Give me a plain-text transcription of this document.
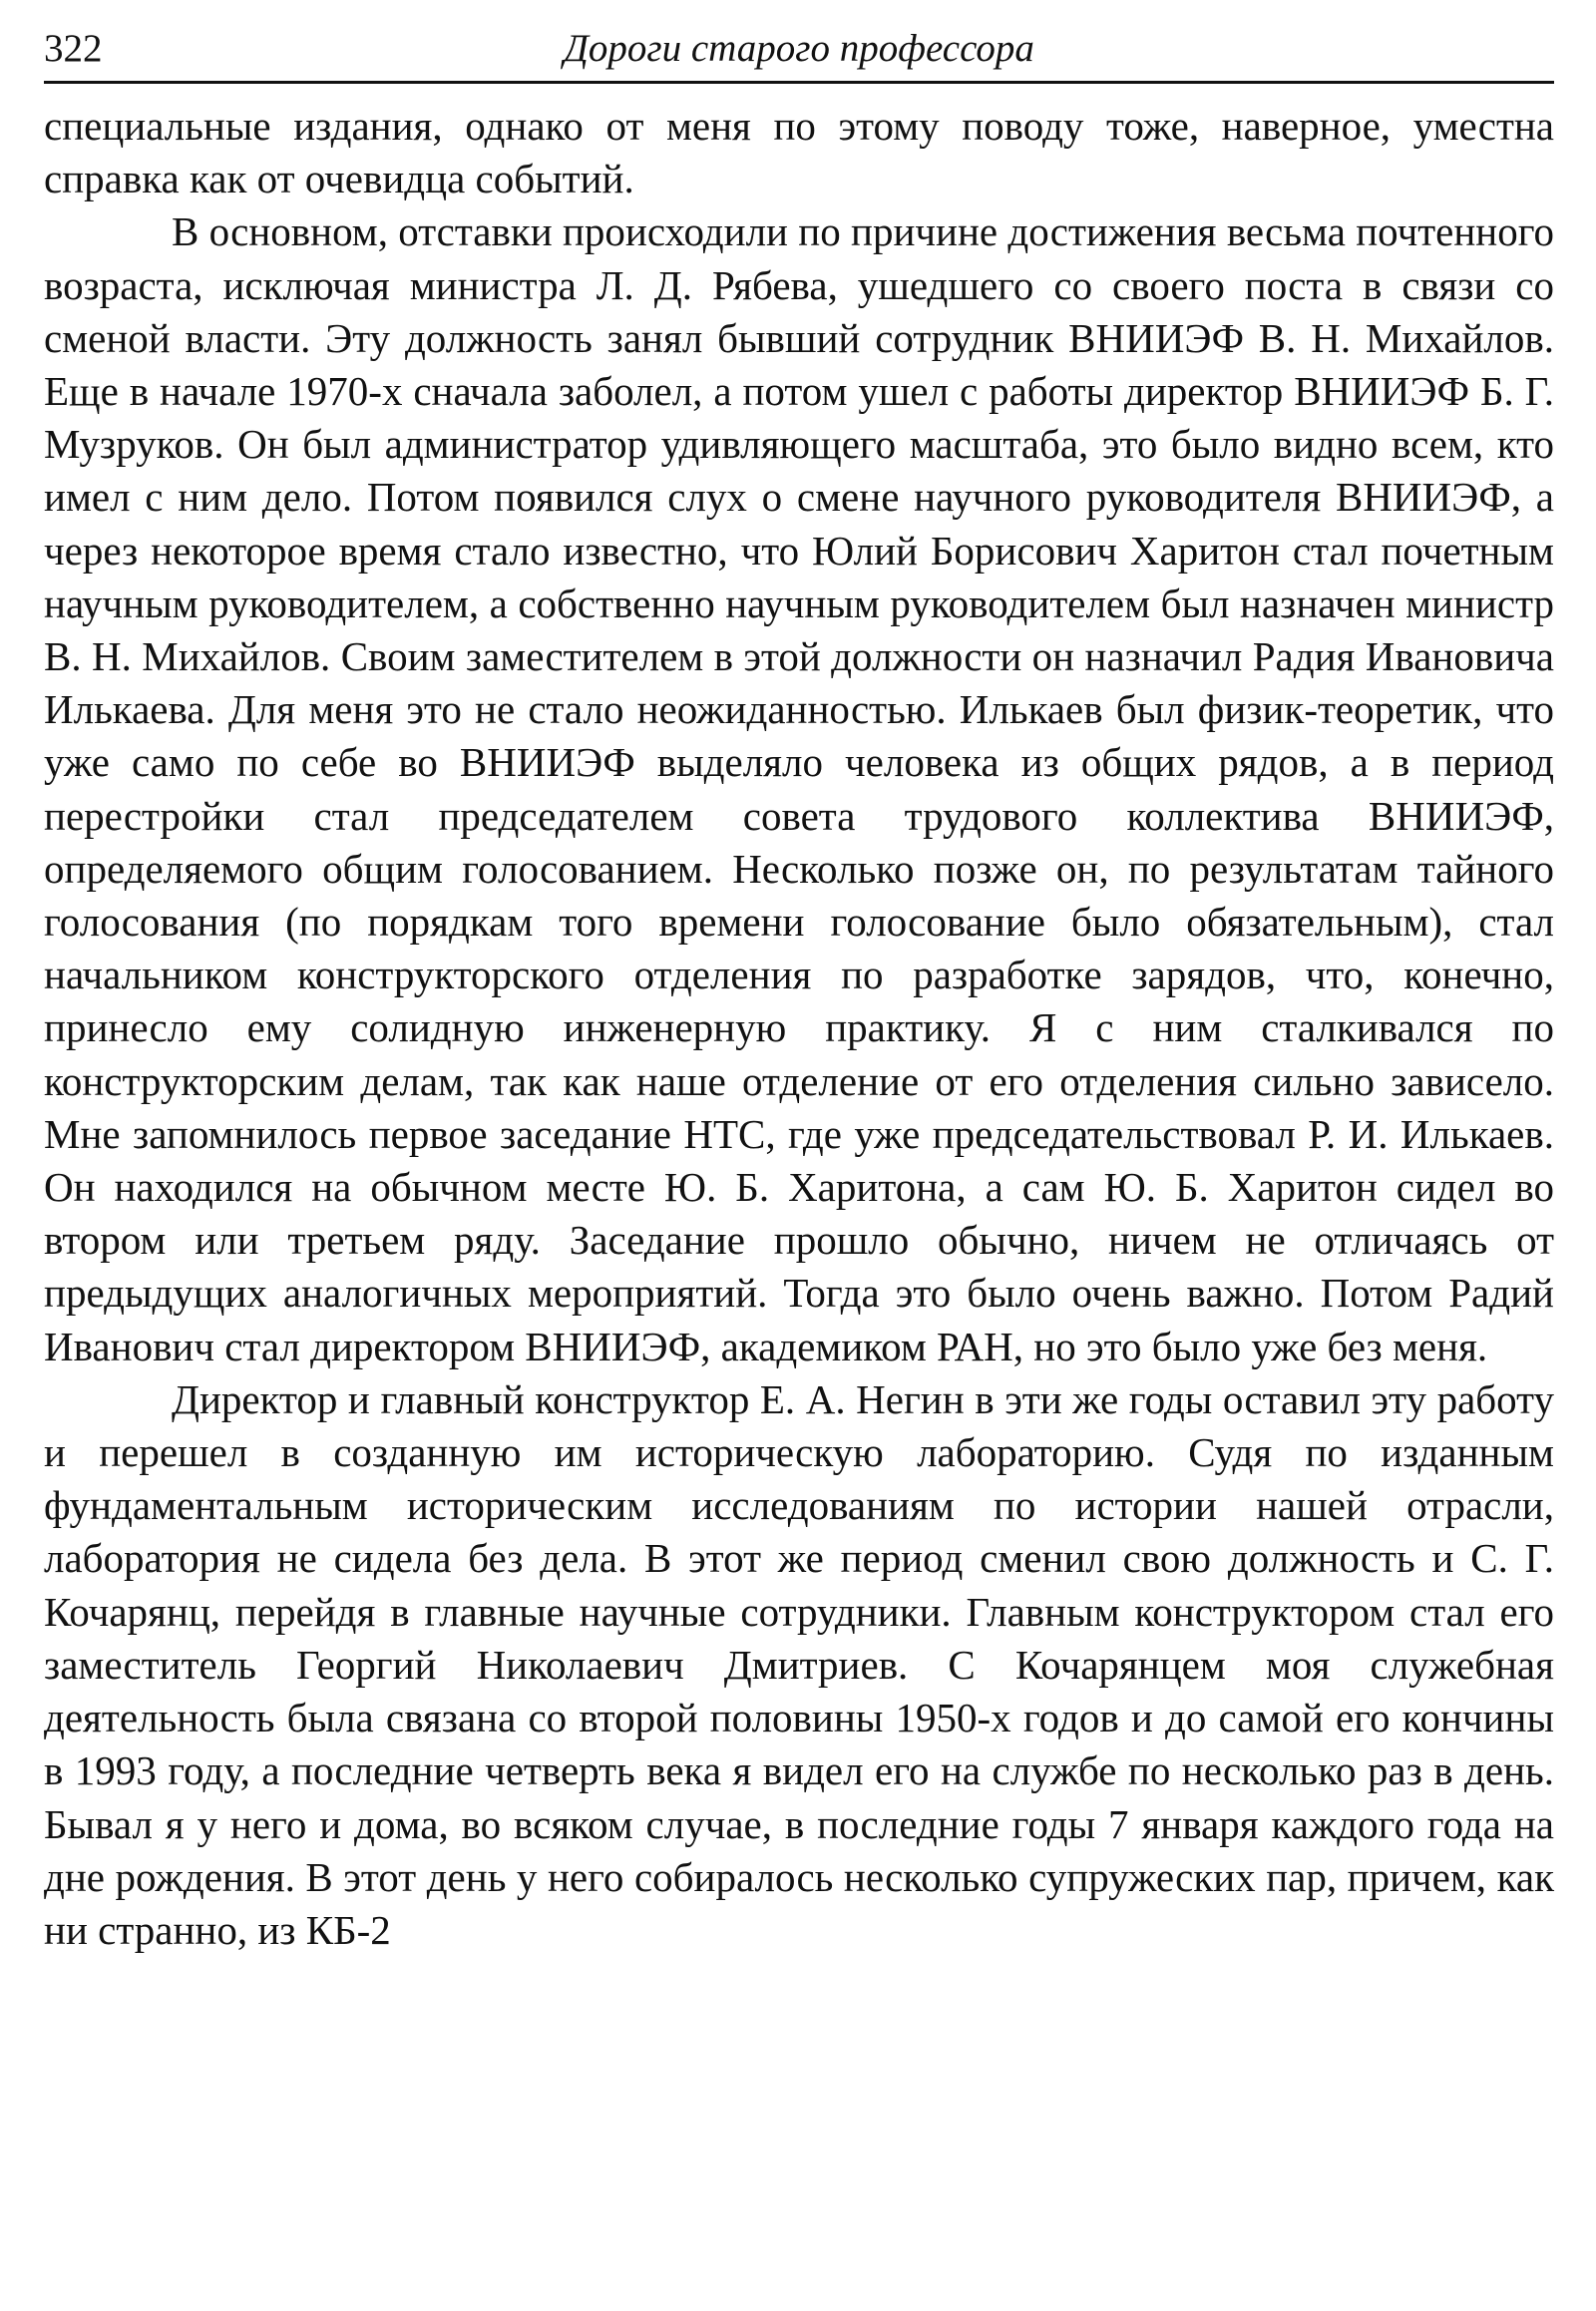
322	Дороги старого профессора

специальные издания, однако от меня по этому поводу тоже, наверное, уместна справка как от очевидца событий.

В основном, отставки происходили по причине достижения весьма почтенного возраста, исключая министра Л. Д. Рябева, ушедшего со своего поста в связи со сменой власти. Эту должность занял бывший сотрудник ВНИИЭФ В. Н. Михайлов. Еще в начале 1970-х сначала заболел, а потом ушел с работы директор ВНИИЭФ Б. Г. Музруков. Он был администратор удивляющего масштаба, это было видно всем, кто имел с ним дело. Потом появился слух о смене научного руководителя ВНИИЭФ, а через некоторое время стало известно, что Юлий Борисович Харитон стал почетным научным руководителем, а собственно научным руководителем был назначен министр В. Н. Михайлов. Своим заместителем в этой должности он назначил Радия Ивановича Илькаева. Для меня это не стало неожиданностью. Илькаев был физик-теоретик, что уже само по себе во ВНИИЭФ выделяло человека из общих рядов, а в период перестройки стал председателем совета трудового коллектива ВНИИЭФ, определяемого общим голосованием. Несколько позже он, по результатам тайного голосования (по порядкам того времени голосование было обязательным), стал начальником конструкторского отделения по разработке зарядов, что, конечно, принесло ему солидную инженерную практику. Я с ним сталкивался по конструкторским делам, так как наше отделение от его отделения сильно зависело. Мне запомнилось первое заседание НТС, где уже председательствовал Р. И. Илькаев. Он находился на обычном месте Ю. Б. Харитона, а сам Ю. Б. Харитон сидел во втором или третьем ряду. Заседание прошло обычно, ничем не отличаясь от предыдущих аналогичных мероприятий. Тогда это было очень важно. Потом Радий Иванович стал директором ВНИИЭФ, академиком РАН, но это было уже без меня.

Директор и главный конструктор Е. А. Негин в эти же годы оставил эту работу и перешел в созданную им историческую лабораторию. Судя по изданным фундаментальным историческим исследованиям по истории нашей отрасли, лаборатория не сидела без дела. В этот же период сменил свою должность и С. Г. Кочарянц, перейдя в главные научные сотрудники. Главным конструктором стал его заместитель Георгий Николаевич Дмитриев. С Кочарянцем моя служебная деятельность была связана со второй половины 1950-х годов и до самой его кончины в 1993 году, а последние четверть века я видел его на службе по несколько раз в день. Бывал я у него и дома, во всяком случае, в последние годы 7 января каждого года на дне рождения. В этот день у него собиралось несколько супружеских пар, причем, как ни странно, из КБ-2
